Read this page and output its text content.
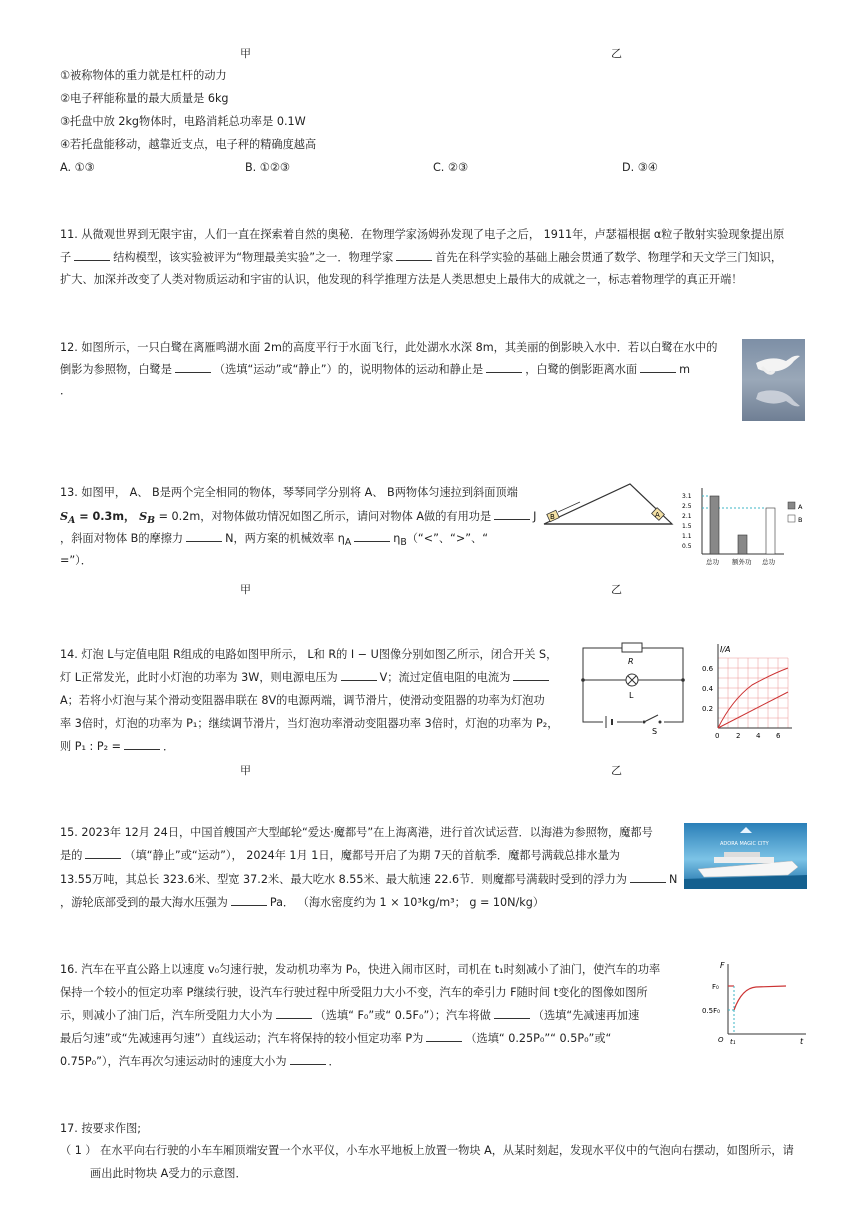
甲	乙
①被称物体的重力就是杠杆的动力
②电子秤能称量的最大质量是 6kg
③托盘中放 2kg物体时，电路消耗总功率是 0.1W
④若托盘能移动，越靠近支点，电子秤的精确度越高
A. ①③	B. ①②③	C. ②③	D. ③④
11. 从微观世界到无限宇宙，人们一直在探索着自然的奥秘．在物理学家汤姆孙发现了电子之后， 1911年，卢瑟福根据 α粒子散射实验现象提出原
子	结构模型，该实验被评为“物理最美实验”之一．物理学家	首先在科学实验的基础上融会贯通了数学、物理学和天文学三门知识，
扩大、加深并改变了人类对物质运动和宇宙的认识，他发现的科学推理方法是人类思想史上最伟大的成就之一，标志着物理学的真正开端！
12. 如图所示，一只白鹭在离雁鸣湖水面 2m的高度平行于水面飞行，此处湖水水深 8m，其美丽的倒影映入水中．若以白鹭在水中的
倒影为参照物，白鹭是	（选填“运动”或“静止”）的，说明物体的运动和静止是	，白鹭的倒影距离水面	m
．
13. 如图甲， A、 B是两个完全相同的物体，琴琴同学分别将 A、 B两物体匀速拉到斜面顶端
$S_A = 0.3m$， $S_B = 0.2m$，对物体做功情况如图乙所示，请问对物体 A做的有用功是	J
，斜面对物体 B的摩擦力	N，两方案的机械效率 $\eta_A$	$\eta_B(“<$”、“>”、“
=”）．
甲	乙
B	A
3.1
2.5
2.1
1.5
1.1
0.5
总功 额外功 总功
A
B
14. 灯泡 L与定值电阻 R组成的电路如图甲所示， L和 R的 I − U图像分别如图乙所示，闭合开关 S，
灯 L正常发光，此时小灯泡的功率为 3W，则电源电压为	V；流过定值电阻的电流为
A；若将小灯泡与某个滑动变阻器串联在 8V的电源两端，调节滑片，使滑动变阻器的功率为灯泡功
率 3倍时，灯泡的功率为 P₁；继续调节滑片，当灯泡功率滑动变阻器功率 3倍时，灯泡的功率为 P₂，
则 P₁ : P₂ =	．
甲	乙
R
L
S
I/A
0.6
0.4
0.2
0 2 4 6
15. 2023年 12月 24日，中国首艘国产大型邮轮“爱达·魔都号”在上海离港，进行首次试运营．以海港为参照物，魔都号
是的	（填“静止”或“运动”）， 2024年 1月 1日，魔都号开启了为期 7天的首航季．魔都号满载总排水量为
13.55万吨，其总长 323.6米、型宽 37.2米、最大吃水 8.55米、最大航速 22.6节．则魔都号满载时受到的浮力为	N
，游轮底部受到的最大海水压强为	Pa． （海水密度约为 1 × 10³kg/m³； g = 10N/kg）
ADORA MAGIC CITY
16. 汽车在平直公路上以速度 v₀匀速行驶，发动机功率为 P₀，快进入闹市区时，司机在 t₁时刻减小了油门，使汽车的功率
保持一个较小的恒定功率 P继续行驶，设汽车行驶过程中所受阻力大小不变，汽车的牵引力 F随时间 t变化的图像如图所
示，则减小了油门后，汽车所受阻力大小为	（选填“ F₀”或“ 0.5F₀”）；汽车将做	（选填“先减速再加速
最后匀速”或“先减速再匀速”）直线运动；汽车将保持的较小恒定功率 P为	（选填“ 0.25P₀”“ 0.5P₀”或“
0.75P₀”），汽车再次匀速运动时的速度大小为	．
F
F₀
0.5F₀
O t₁	t
17. 按要求作图;
（ 1 ） 在水平向右行驶的小车车厢顶端安置一个水平仪，小车水平地板上放置一物块 A，从某时刻起，发现水平仪中的气泡向右摆动，如图所示，请
画出此时物块 A受力的示意图．
